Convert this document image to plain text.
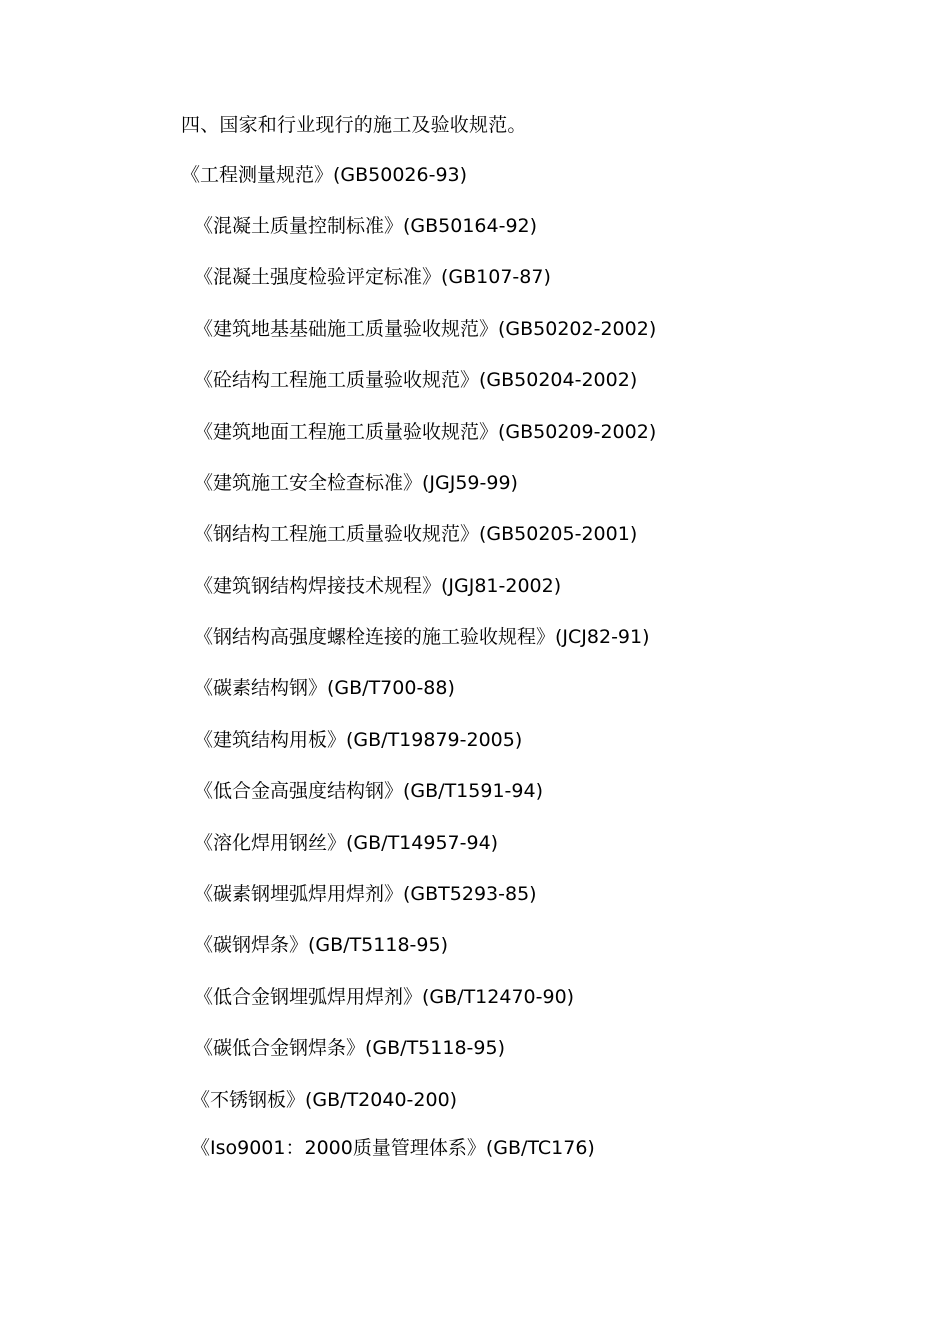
四、国家和行业现行的施工及验收规范。
《工程测量规范》(GB50026-93)
《混凝土质量控制标准》(GB50164-92)
《混凝土强度检验评定标准》(GB107-87)
《建筑地基基础施工质量验收规范》(GB50202-2002)
《砼结构工程施工质量验收规范》(GB50204-2002)
《建筑地面工程施工质量验收规范》(GB50209-2002)
《建筑施工安全检查标准》(JGJ59-99)
《钢结构工程施工质量验收规范》(GB50205-2001)
《建筑钢结构焊接技术规程》(JGJ81-2002)
《钢结构高强度螺栓连接的施工验收规程》(JCJ82-91)
《碳素结构钢》(GB/T700-88)
《建筑结构用板》(GB/T19879-2005)
《低合金高强度结构钢》(GB/T1591-94)
《溶化焊用钢丝》(GB/T14957-94)
《碳素钢埋弧焊用焊剂》(GBT5293-85)
《碳钢焊条》(GB/T5118-95)
《低合金钢埋弧焊用焊剂》(GB/T12470-90)
《碳低合金钢焊条》(GB/T5118-95)
《不锈钢板》(GB/T2040-200)
《Iso9001：2000质量管理体系》(GB/TC176)
